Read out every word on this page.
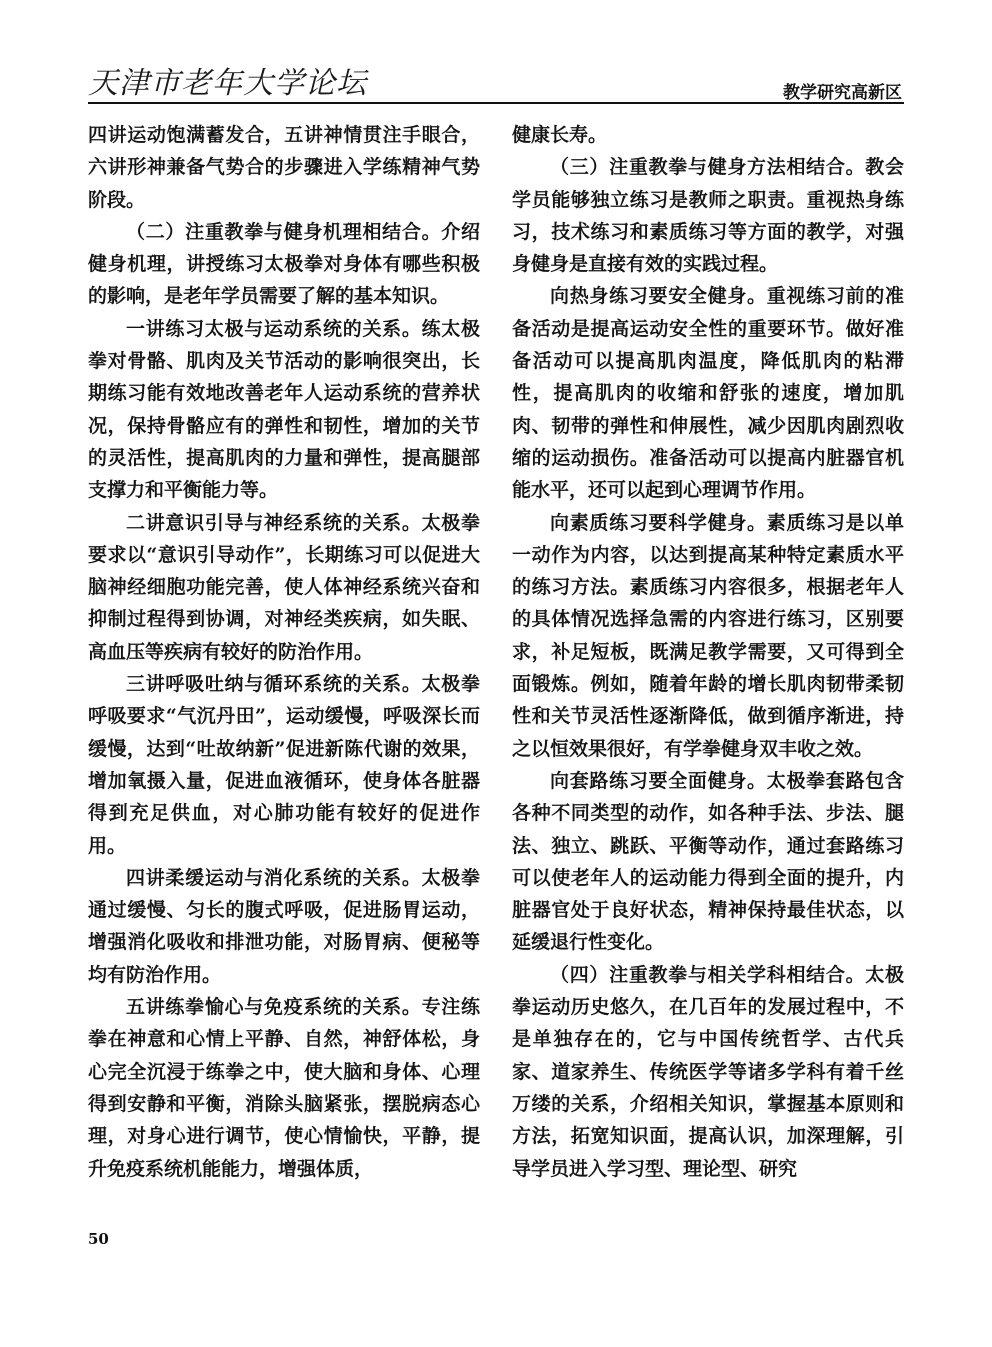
天津市老年大学论坛	教学研究高新区

四讲运动饱满蓄发合，五讲神情贯注手眼合，六讲形神兼备气势合的步骤进入学练精神气势阶段。

（二）注重教拳与健身机理相结合。介绍健身机理，讲授练习太极拳对身体有哪些积极的影响，是老年学员需要了解的基本知识。

一讲练习太极与运动系统的关系。练太极拳对骨骼、肌肉及关节活动的影响很突出，长期练习能有效地改善老年人运动系统的营养状况，保持骨骼应有的弹性和韧性，增加的关节的灵活性，提高肌肉的力量和弹性，提高腿部支撑力和平衡能力等。

二讲意识引导与神经系统的关系。太极拳要求以“意识引导动作”，长期练习可以促进大脑神经细胞功能完善，使人体神经系统兴奋和抑制过程得到协调，对神经类疾病，如失眠、高血压等疾病有较好的防治作用。

三讲呼吸吐纳与循环系统的关系。太极拳呼吸要求“气沉丹田”，运动缓慢，呼吸深长而缓慢，达到“吐故纳新”促进新陈代谢的效果，增加氧摄入量，促进血液循环，使身体各脏器得到充足供血，对心肺功能有较好的促进作用。

四讲柔缓运动与消化系统的关系。太极拳通过缓慢、匀长的腹式呼吸，促进肠胃运动，增强消化吸收和排泄功能，对肠胃病、便秘等均有防治作用。

五讲练拳愉心与免疫系统的关系。专注练拳在神意和心情上平静、自然，神舒体松，身心完全沉浸于练拳之中，使大脑和身体、心理得到安静和平衡，消除头脑紧张，摆脱病态心理，对身心进行调节，使心情愉快，平静，提升免疫系统机能能力，增强体质，

健康长寿。

（三）注重教拳与健身方法相结合。教会学员能够独立练习是教师之职责。重视热身练习，技术练习和素质练习等方面的教学，对强身健身是直接有效的实践过程。

向热身练习要安全健身。重视练习前的准备活动是提高运动安全性的重要环节。做好准备活动可以提高肌肉温度，降低肌肉的粘滞性，提高肌肉的收缩和舒张的速度，增加肌肉、韧带的弹性和伸展性，减少因肌肉剧烈收缩的运动损伤。准备活动可以提高内脏器官机能水平，还可以起到心理调节作用。

向素质练习要科学健身。素质练习是以单一动作为内容，以达到提高某种特定素质水平的练习方法。素质练习内容很多，根据老年人的具体情况选择急需的内容进行练习，区别要求，补足短板，既满足教学需要，又可得到全面锻炼。例如，随着年龄的增长肌肉韧带柔韧性和关节灵活性逐渐降低，做到循序渐进，持之以恒效果很好，有学拳健身双丰收之效。

向套路练习要全面健身。太极拳套路包含各种不同类型的动作，如各种手法、步法、腿法、独立、跳跃、平衡等动作，通过套路练习可以使老年人的运动能力得到全面的提升，内脏器官处于良好状态，精神保持最佳状态，以延缓退行性变化。

（四）注重教拳与相关学科相结合。太极拳运动历史悠久，在几百年的发展过程中，不是单独存在的，它与中国传统哲学、古代兵家、道家养生、传统医学等诸多学科有着千丝万缕的关系，介绍相关知识，掌握基本原则和方法，拓宽知识面，提高认识，加深理解，引导学员进入学习型、理论型、研究

50
